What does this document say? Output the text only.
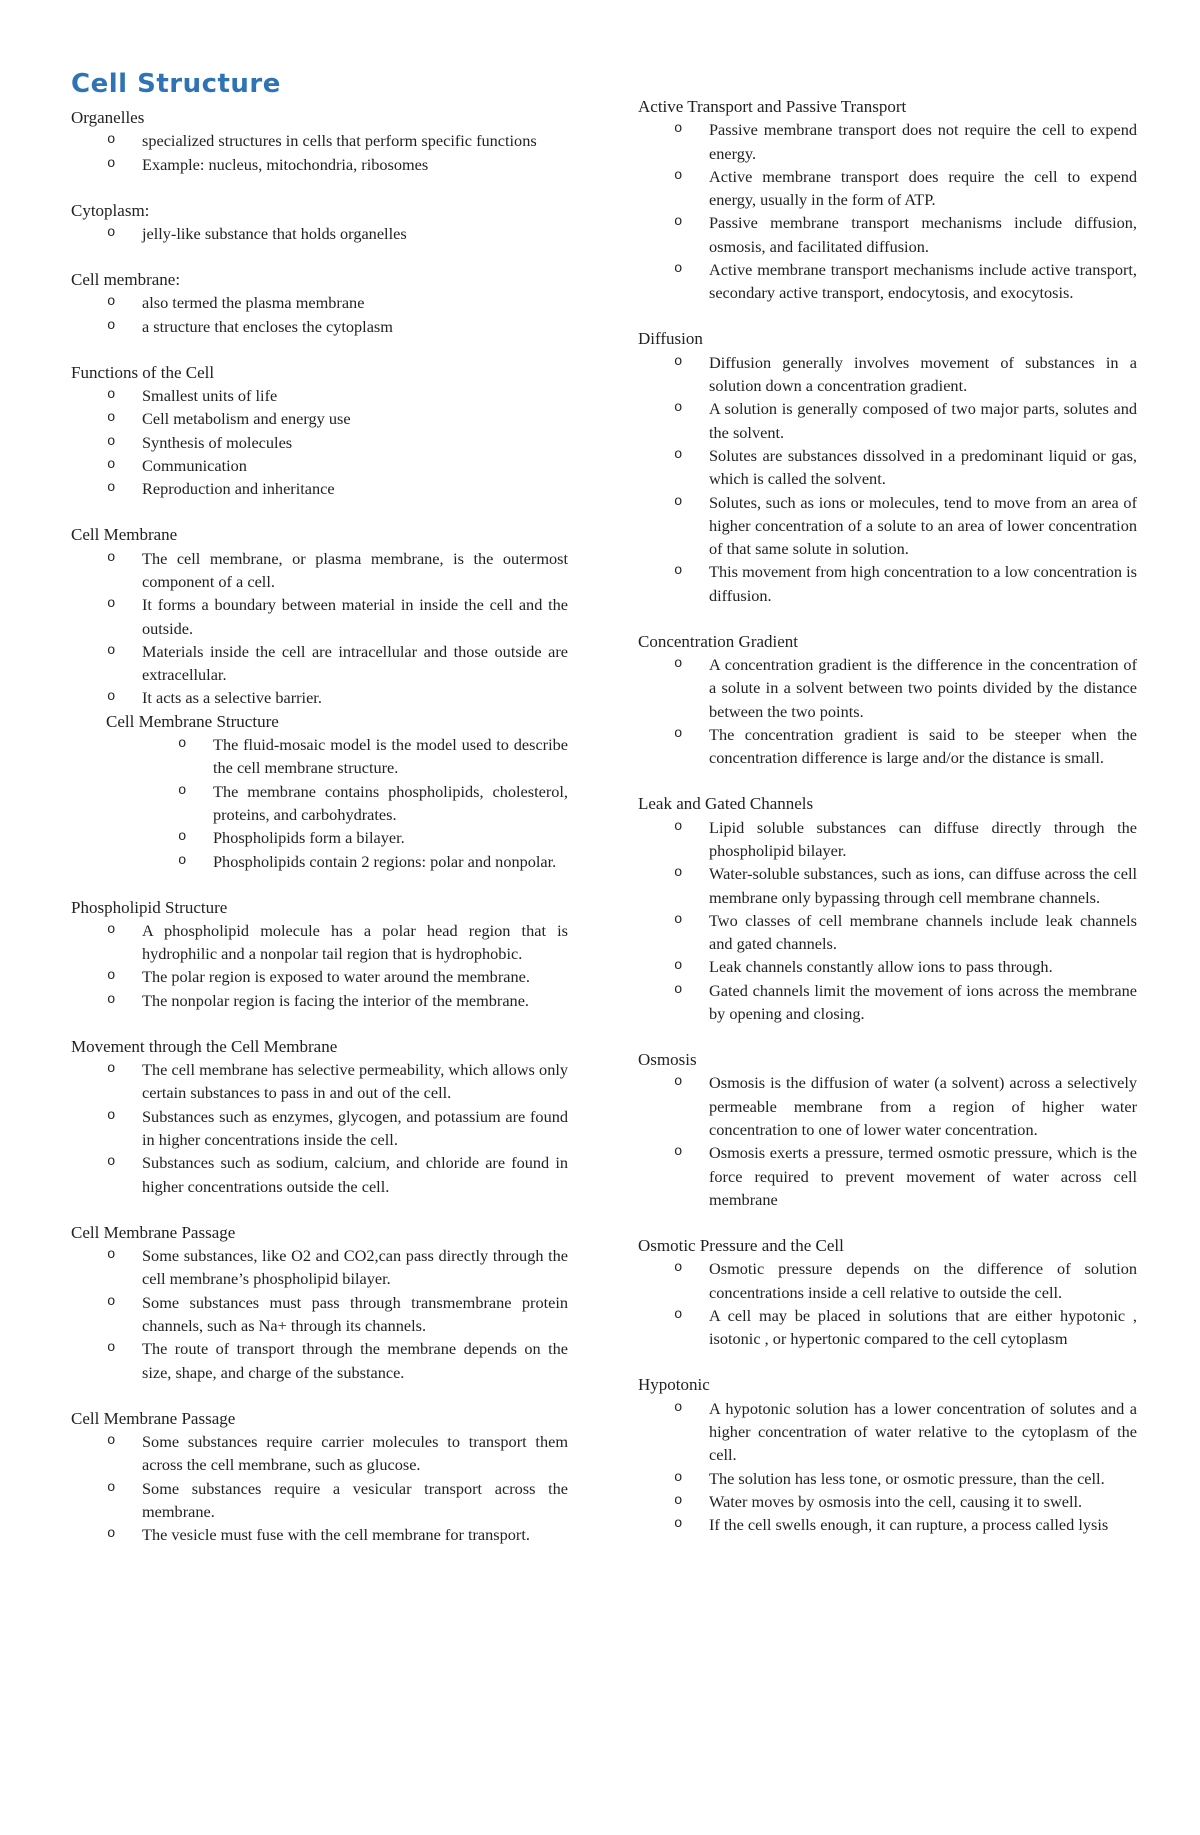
Cell Structure
Organelles
o specialized structures in cells that perform specific functions
o Example: nucleus, mitochondria, ribosomes
Cytoplasm:
o jelly-like substance that holds organelles
Cell membrane:
o also termed the plasma membrane
o a structure that encloses the cytoplasm
Functions of the Cell
o Smallest units of life
o Cell metabolism and energy use
o Synthesis of molecules
o Communication
o Reproduction and inheritance
Cell Membrane
o The cell membrane, or plasma membrane, is the outermost component of a cell.
o It forms a boundary between material in inside the cell and the outside.
o Materials inside the cell are intracellular and those outside are extracellular.
o It acts as a selective barrier.
Cell Membrane Structure
o The fluid-mosaic model is the model used to describe the cell membrane structure.
o The membrane contains phospholipids, cholesterol, proteins, and carbohydrates.
o Phospholipids form a bilayer.
o Phospholipids contain 2 regions: polar and nonpolar.
Phospholipid Structure
o A phospholipid molecule has a polar head region that is hydrophilic and a nonpolar tail region that is hydrophobic.
o The polar region is exposed to water around the membrane.
o The nonpolar region is facing the interior of the membrane.
Movement through the Cell Membrane
o The cell membrane has selective permeability, which allows only certain substances to pass in and out of the cell.
o Substances such as enzymes, glycogen, and potassium are found in higher concentrations inside the cell.
o Substances such as sodium, calcium, and chloride are found in higher concentrations outside the cell.
Cell Membrane Passage
o Some substances, like O2 and CO2,can pass directly through the cell membrane’s phospholipid bilayer.
o Some substances must pass through transmembrane protein channels, such as Na+ through its channels.
o The route of transport through the membrane depends on the size, shape, and charge of the substance.
Cell Membrane Passage
o Some substances require carrier molecules to transport them across the cell membrane, such as glucose.
o Some substances require a vesicular transport across the membrane.
o The vesicle must fuse with the cell membrane for transport.
Active Transport and Passive Transport
o Passive membrane transport does not require the cell to expend energy.
o Active membrane transport does require the cell to expend energy, usually in the form of ATP.
o Passive membrane transport mechanisms include diffusion, osmosis, and facilitated diffusion.
o Active membrane transport mechanisms include active transport, secondary active transport, endocytosis, and exocytosis.
Diffusion
o Diffusion generally involves movement of substances in a solution down a concentration gradient.
o A solution is generally composed of two major parts, solutes and the solvent.
o Solutes are substances dissolved in a predominant liquid or gas, which is called the solvent.
o Solutes, such as ions or molecules, tend to move from an area of higher concentration of a solute to an area of lower concentration of that same solute in solution.
o This movement from high concentration to a low concentration is diffusion.
Concentration Gradient
o A concentration gradient is the difference in the concentration of a solute in a solvent between two points divided by the distance between the two points.
o The concentration gradient is said to be steeper when the concentration difference is large and/or the distance is small.
Leak and Gated Channels
o Lipid soluble substances can diffuse directly through the phospholipid bilayer.
o Water-soluble substances, such as ions, can diffuse across the cell membrane only bypassing through cell membrane channels.
o Two classes of cell membrane channels include leak channels and gated channels.
o Leak channels constantly allow ions to pass through.
o Gated channels limit the movement of ions across the membrane by opening and closing.
Osmosis
o Osmosis is the diffusion of water (a solvent) across a selectively permeable membrane from a region of higher water concentration to one of lower water concentration.
o Osmosis exerts a pressure, termed osmotic pressure, which is the force required to prevent movement of water across cell membrane
Osmotic Pressure and the Cell
o Osmotic pressure depends on the difference of solution concentrations inside a cell relative to outside the cell.
o A cell may be placed in solutions that are either hypotonic , isotonic , or hypertonic compared to the cell cytoplasm
Hypotonic
o A hypotonic solution has a lower concentration of solutes and a higher concentration of water relative to the cytoplasm of the cell.
o The solution has less tone, or osmotic pressure, than the cell.
o Water moves by osmosis into the cell, causing it to swell.
o If the cell swells enough, it can rupture, a process called lysis
